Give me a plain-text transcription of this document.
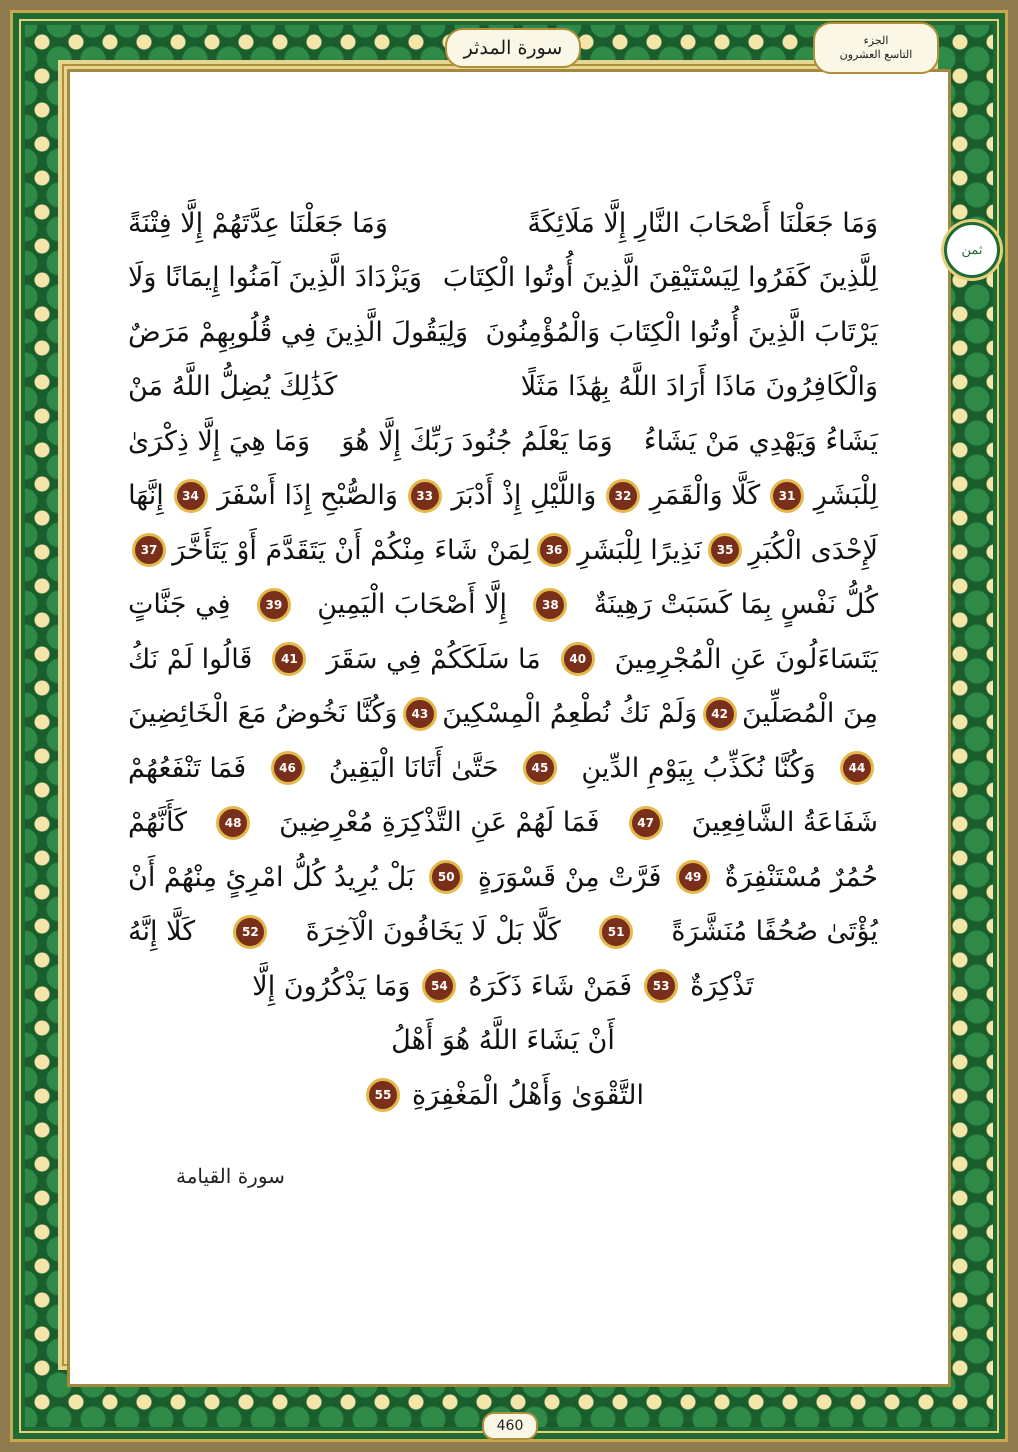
سورة المدثر	الجزء
التاسع العشرون
ثمن
وَمَا جَعَلْنَا أَصْحَابَ النَّارِ إِلَّا مَلَائِكَةً
وَمَا جَعَلْنَا عِدَّتَهُمْ إِلَّا فِتْنَةً
لِلَّذِينَ كَفَرُوا لِيَسْتَيْقِنَ الَّذِينَ أُوتُوا الْكِتَابَ
وَيَزْدَادَ الَّذِينَ آمَنُوا إِيمَانًا وَلَا
يَرْتَابَ الَّذِينَ أُوتُوا الْكِتَابَ وَالْمُؤْمِنُونَ
وَلِيَقُولَ الَّذِينَ فِي قُلُوبِهِمْ مَرَضٌ
وَالْكَافِرُونَ مَاذَا أَرَادَ اللَّهُ بِهَٰذَا مَثَلًا
كَذَٰلِكَ يُضِلُّ اللَّهُ مَنْ
يَشَاءُ وَيَهْدِي مَنْ يَشَاءُ
وَمَا يَعْلَمُ جُنُودَ رَبِّكَ إِلَّا هُوَ
وَمَا هِيَ إِلَّا ذِكْرَىٰ
لِلْبَشَرِ
31
كَلَّا وَالْقَمَرِ
32
وَاللَّيْلِ إِذْ أَدْبَرَ
33
وَالصُّبْحِ إِذَا أَسْفَرَ
34
إِنَّهَا
لَإِحْدَى الْكُبَرِ
35
نَذِيرًا لِلْبَشَرِ
36
لِمَنْ شَاءَ مِنْكُمْ أَنْ يَتَقَدَّمَ أَوْ يَتَأَخَّرَ
37
كُلُّ نَفْسٍ بِمَا كَسَبَتْ رَهِينَةٌ
38
إِلَّا أَصْحَابَ الْيَمِينِ
39
فِي جَنَّاتٍ
يَتَسَاءَلُونَ عَنِ الْمُجْرِمِينَ
40
مَا سَلَكَكُمْ فِي سَقَرَ
41
قَالُوا لَمْ نَكُ
مِنَ الْمُصَلِّينَ
42
وَلَمْ نَكُ نُطْعِمُ الْمِسْكِينَ
43
وَكُنَّا نَخُوضُ مَعَ الْخَائِضِينَ
44
وَكُنَّا نُكَذِّبُ بِيَوْمِ الدِّينِ
45
حَتَّىٰ أَتَانَا الْيَقِينُ
46
فَمَا تَنْفَعُهُمْ
شَفَاعَةُ الشَّافِعِينَ
47
فَمَا لَهُمْ عَنِ التَّذْكِرَةِ مُعْرِضِينَ
48
كَأَنَّهُمْ
حُمُرٌ مُسْتَنْفِرَةٌ
49
فَرَّتْ مِنْ قَسْوَرَةٍ
50
بَلْ يُرِيدُ كُلُّ امْرِئٍ مِنْهُمْ أَنْ
يُؤْتَىٰ صُحُفًا مُنَشَّرَةً
51
كَلَّا بَلْ لَا يَخَافُونَ الْآخِرَةَ
52
كَلَّا إِنَّهُ
تَذْكِرَةٌ
53
فَمَنْ شَاءَ ذَكَرَهُ
54
وَمَا يَذْكُرُونَ إِلَّا
أَنْ يَشَاءَ اللَّهُ هُوَ أَهْلُ
التَّقْوَىٰ وَأَهْلُ الْمَغْفِرَةِ
55
سورة القيامة
460
